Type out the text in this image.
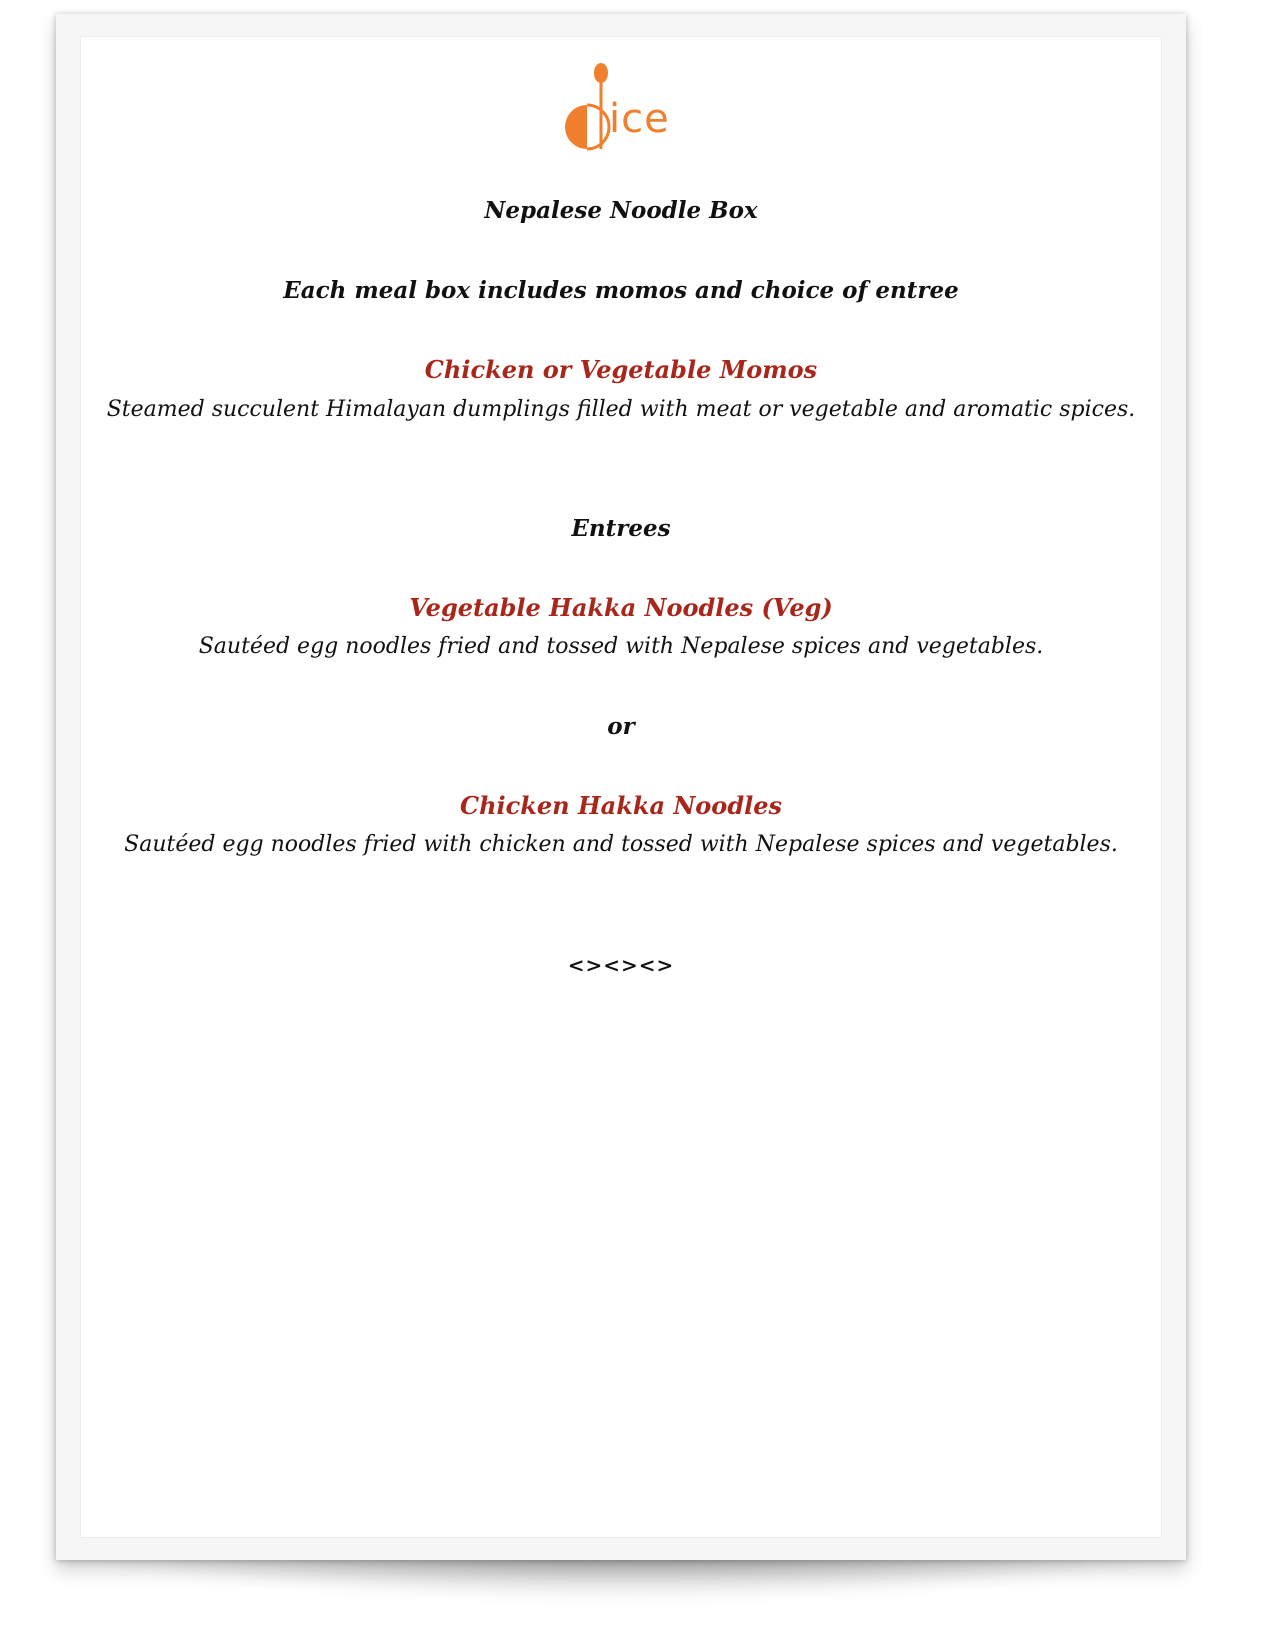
ice
Nepalese Noodle Box
Each meal box includes momos and choice of entree
Chicken or Vegetable Momos
Steamed succulent Himalayan dumplings filled with meat or vegetable and aromatic spices.
Entrees
Vegetable Hakka Noodles (Veg)
Sautéed egg noodles fried and tossed with Nepalese spices and vegetables.
or
Chicken Hakka Noodles
Sautéed egg noodles fried with chicken and tossed with Nepalese spices and vegetables.
<><><>
